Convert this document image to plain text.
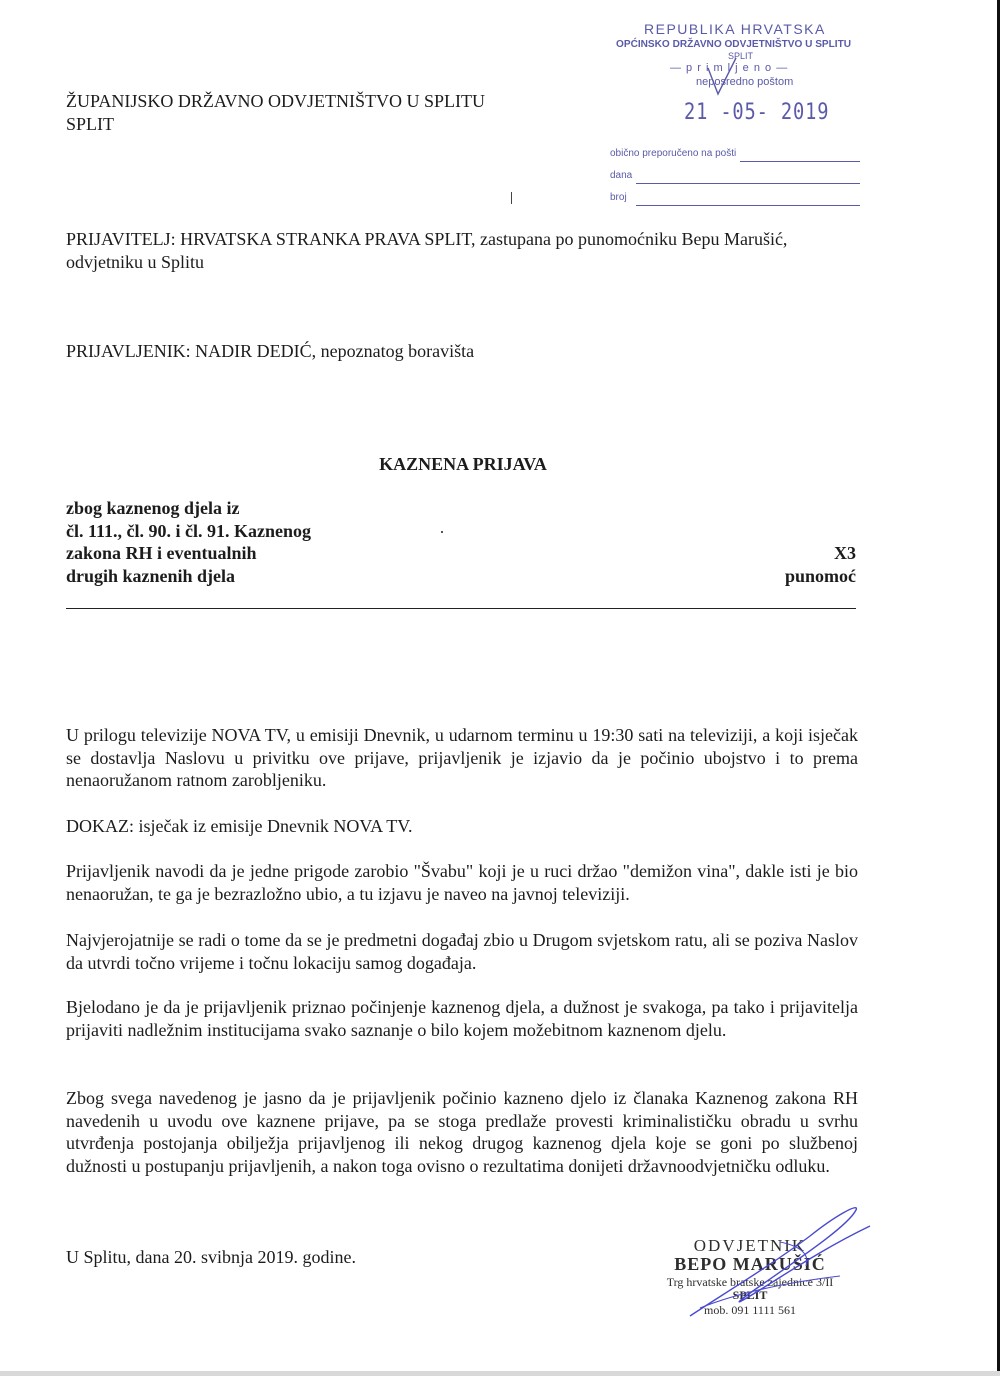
ŽUPANIJSKO DRŽAVNO ODVJETNIŠTVO U SPLITU
SPLIT
REPUBLIKA HRVATSKA
OPĆINSKO DRŽAVNO ODVJETNIŠTVO U SPLITU
SPLIT
— p r i m l j e n o —
neposredno poštom
21 -05- 2019
obično preporučeno na pošti
dana
broj
PRIJAVITELJ: HRVATSKA STRANKA PRAVA SPLIT, zastupana po punomoćniku Bepu Marušić, odvjetniku u Splitu
PRIJAVLJENIK: NADIR DEDIĆ, nepoznatog boravišta
KAZNENA PRIJAVA
zbog kaznenog djela iz
čl. 111., čl. 90. i čl. 91. Kaznenog
zakona RH i eventualnih
drugih kaznenih djela
X3
punomoć
U prilogu televizije NOVA TV, u emisiji Dnevnik, u udarnom terminu u 19:30 sati na televiziji, a koji isječak se dostavlja Naslovu u privitku ove prijave, prijavljenik je izjavio da je počinio ubojstvo i to prema nenaoružanom ratnom zarobljeniku.
DOKAZ: isječak iz emisije Dnevnik NOVA TV.
Prijavljenik navodi da je jedne prigode zarobio "Švabu" koji je u ruci držao "demižon vina", dakle isti je bio nenaoružan, te ga je bezrazložno ubio, a tu izjavu je naveo na javnoj televiziji.
Najvjerojatnije se radi o tome da se je predmetni događaj zbio u Drugom svjetskom ratu, ali se poziva Naslov da utvrdi točno vrijeme i točnu lokaciju samog događaja.
Bjelodano je da je prijavljenik priznao počinjenje kaznenog djela, a dužnost je svakoga, pa tako i prijavitelja prijaviti nadležnim institucijama svako saznanje o bilo kojem možebitnom kaznenom djelu.
Zbog svega navedenog je jasno da je prijavljenik počinio kazneno djelo iz članaka Kaznenog zakona RH navedenih u uvodu ove kaznene prijave, pa se stoga predlaže provesti kriminalističku obradu u svrhu utvrđenja postojanja obilježja prijavljenog ili nekog drugog kaznenog djela koje se goni po službenoj dužnosti u postupanju prijavljenih, a nakon toga ovisno o rezultatima donijeti državnoodvjetničku odluku.
U Splitu, dana 20. svibnja 2019. godine.
ODVJETNIK
BEPO MARUŠIĆ
Trg hrvatske bratske zajednice 3/II
SPLIT
mob. 091 1111 561
